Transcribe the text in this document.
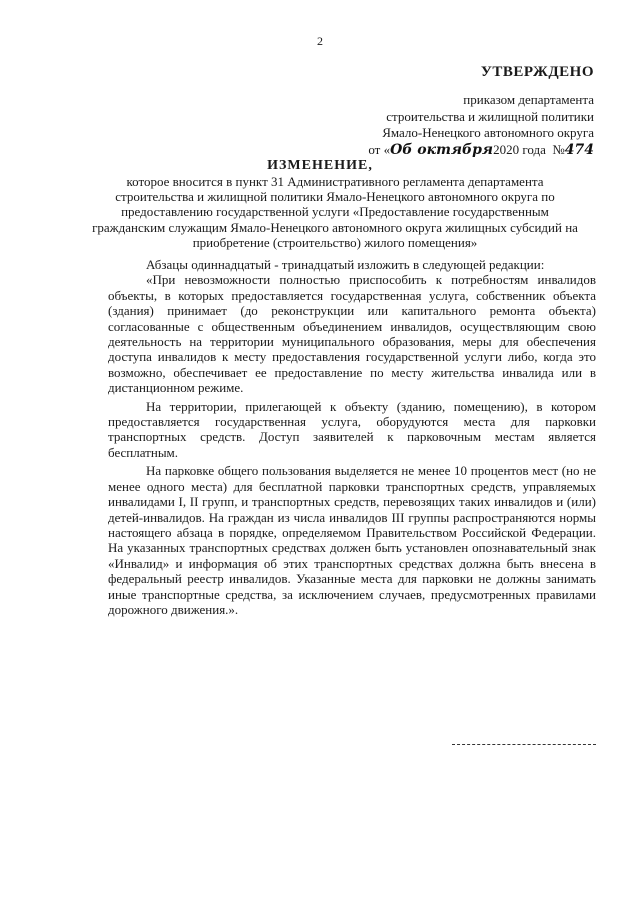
2
УТВЕРЖДЕНО
приказом департамента
строительства и жилищной политики
Ямало-Ненецкого автономного округа
от «Об октября2020 года №474
ИЗМЕНЕНИЕ,
которое вносится в пункт 31 Административного регламента департамента строительства и жилищной политики Ямало-Ненецкого автономного округа по предоставлению государственной услуги «Предоставление государственным гражданским служащим Ямало-Ненецкого автономного округа жилищных субсидий на приобретение (строительство) жилого помещения»

Абзацы одиннадцатый - тринадцатый изложить в следующей редакции:

«При невозможности полностью приспособить к потребностям инвалидов объекты, в которых предоставляется государственная услуга, собственник объекта (здания) принимает (до реконструкции или капитального ремонта объекта) согласованные с общественным объединением инвалидов, осуществляющим свою деятельность на территории муниципального образования, меры для обеспечения доступа инвалидов к месту предоставления государственной услуги либо, когда это возможно, обеспечивает ее предоставление по месту жительства инвалида или в дистанционном режиме.

На территории, прилегающей к объекту (зданию, помещению), в котором предоставляется государственная услуга, оборудуются места для парковки транспортных средств. Доступ заявителей к парковочным местам является бесплатным.

На парковке общего пользования выделяется не менее 10 процентов мест (но не менее одного места) для бесплатной парковки транспортных средств, управляемых инвалидами I, II групп, и транспортных средств, перевозящих таких инвалидов и (или) детей-инвалидов. На граждан из числа инвалидов III группы распространяются нормы настоящего абзаца в порядке, определяемом Правительством Российской Федерации. На указанных транспортных средствах должен быть установлен опознавательный знак «Инвалид» и информация об этих транспортных средствах должна быть внесена в федеральный реестр инвалидов. Указанные места для парковки не должны занимать иные транспортные средства, за исключением случаев, предусмотренных правилами дорожного движения.».
